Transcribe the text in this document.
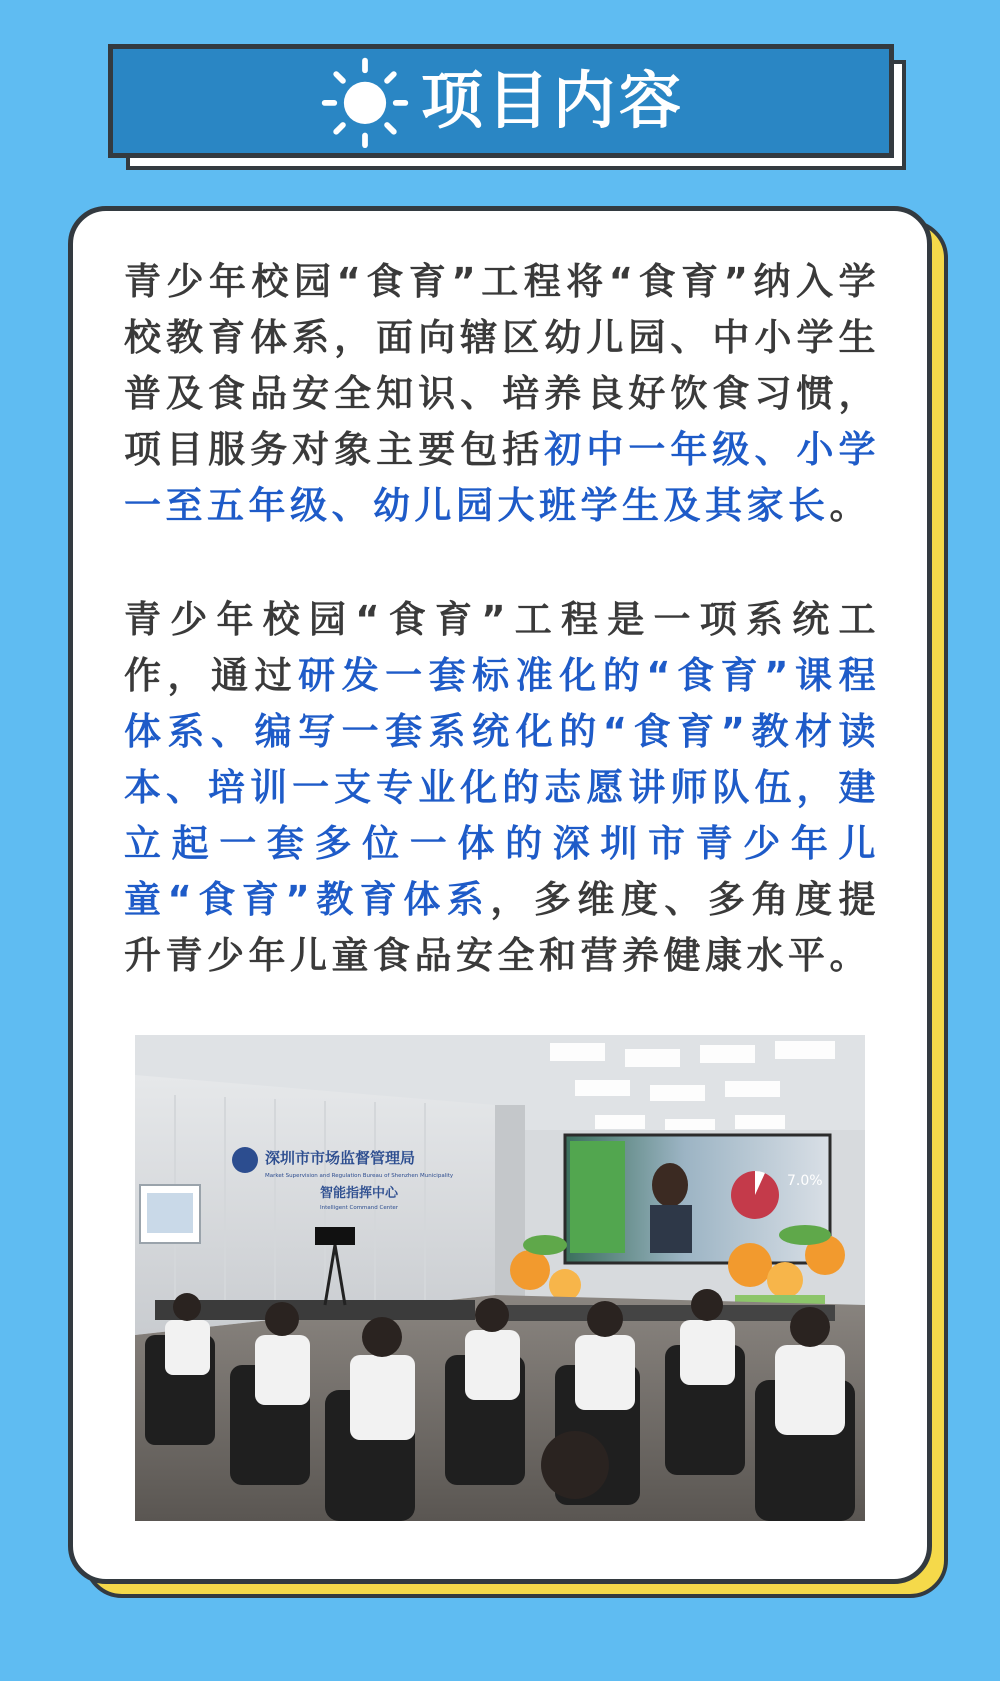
项目内容

青少年校园“食育”工程将“食育”纳入学校教育体系，面向辖区幼儿园、中小学生普及食品安全知识、培养良好饮食习惯，项目服务对象主要包括初中一年级、小学一至五年级、幼儿园大班学生及其家长。

青少年校园“食育”工程是一项系统工作，通过研发一套标准化的“食育”课程体系、编写一套系统化的“食育”教材读本、培训一支专业化的志愿讲师队伍，建立起一套多位一体的深圳市青少年儿童“食育”教育体系，多维度、多角度提升青少年儿童食品安全和营养健康水平。

深圳市市场监督管理局
Market Supervision and Regulation Bureau of Shenzhen Municipality
智能指挥中心
Intelligent Command Center
7.0%
